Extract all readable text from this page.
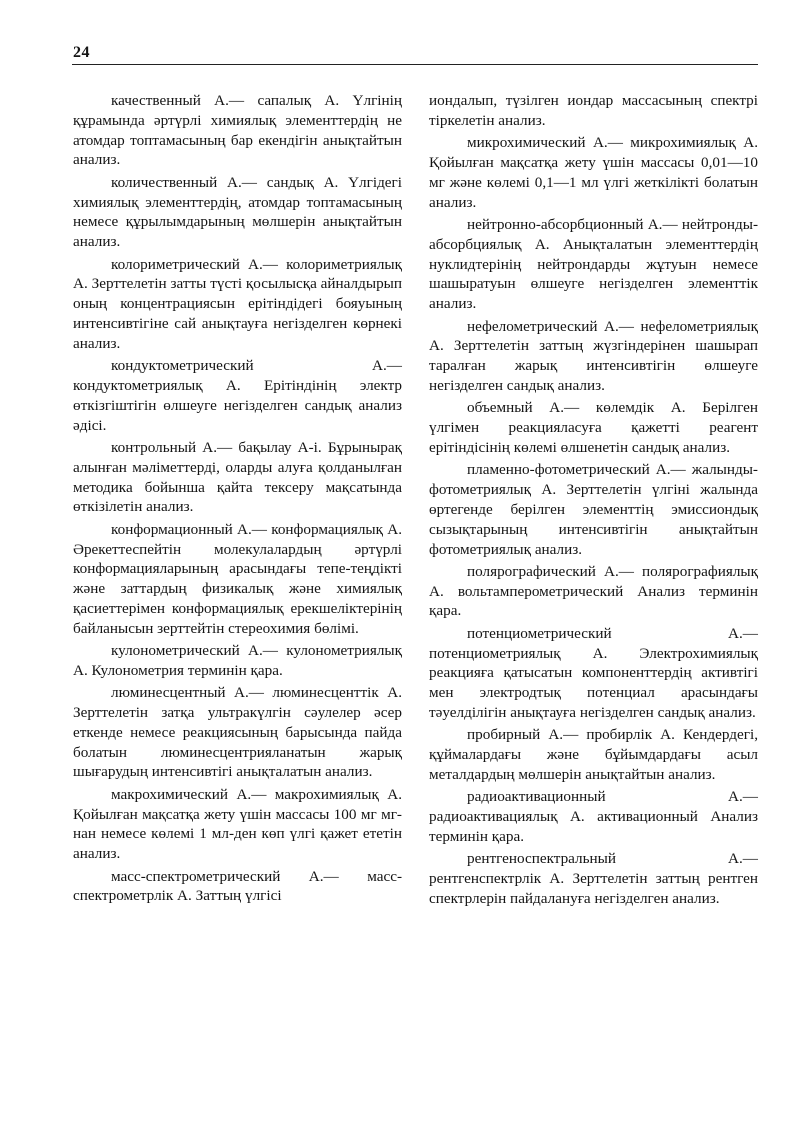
24

качественный А.— сапалық А. Үлгінің құрамында әртүрлі химиялық элементтердің не атомдар топтамасының бар екендігін анықтайтын анализ.

количественный А.— сандық А. Үлгідегі химиялық элементтердің, атомдар топтамасының немесе құрылымдарының мөлшерін анықтайтын анализ.

колориметрический А.— колориметриялық А. Зерттелетін затты түсті қосылысқа айналдырып оның концентрациясын ерітіндідегі бояуының интенсивтігіне сай анықтауға негізделген көрнекі анализ.

кондуктометрический	А.— кондуктометриялық А. Ерітіндінің электр өткізгіштігін өлшеуге негізделген сандық анализ әдісі.

контрольный А.— бақылау А-і. Бұрынырақ алынған мәліметтерді, оларды алуға қолданылған методика бойынша қайта тексеру мақсатында өткізілетін анализ.

конформационный А.— конформациялық А. Әрекеттеспейтін молекулалардың әртүрлі конформацияларының арасындағы тепе-теңдікті және заттардың физикалық және химиялық қасиеттерімен конформациялық ерекшеліктерінің байланысын зерттейтін стереохимия бөлімі.

кулонометрический А.— кулонометриялық А. Кулонометрия терминін қара.

люминесцентный А.— люминесценттік А. Зерттелетін затқа ультракүлгін сәулелер әсер еткенде немесе реакциясының барысында пайда болатын люминесцентрияланатын жарық шығарудың интенсивтігі анықталатын анализ.

макрохимический А.— макрохимиялық А. Қойылған мақсатқа жету үшін массасы 100 мг мг-нан немесе көлемі 1 мл-ден көп үлгі қажет ететін анализ.

масс-спектрометрический А.— масс-спектрометрлік А. Заттың үлгісі

иондалып, түзілген иондар массасының спектрі тіркелетін анализ.

микрохимический А.— микрохимиялық А. Қойылған мақсатқа жету үшін массасы 0,01—10 мг және көлемі 0,1—1 мл үлгі жеткілікті болатын анализ.

нейтронно-абсорбционный А.— нейтронды-абсорбциялық А. Анықталатын элементтердің нуклидтерінің нейтрондарды жұтуын немесе шашыратуын өлшеуге негізделген элементтік анализ.

нефелометрический А.— нефелометриялық А. Зерттелетін заттың жүзгіндерінен шашырап таралған жарық интенсивтігін өлшеуге негізделген сандық анализ.

объемный А.— көлемдік А. Берілген үлгімен реакцияласуға қажетті реагент ерітіндісінің көлемі өлшенетін сандық анализ.

пламенно-фотометрический А.— жалынды-фотометриялық А. Зерттелетін үлгіні жалында өртегенде берілген элементтің эмиссиондық сызықтарының интенсивтігін анықтайтын фотометриялық анализ.

полярографический А.— полярографиялық А. вольтамперометрический Анализ терминін қара.

потенциометрический	А.— потенциометриялық А. Электрохимиялық реакцияға қатысатын компоненттердің активтігі мен электродтық потенциал арасындағы тәуелділігін анықтауға негізделген сандық анализ.

пробирный А.— пробирлік А. Кендердегі, құймалардағы және бұйымдардағы асыл металдардың мөлшерін анықтайтын анализ.

радиоактивационный	А.— радиоактивациялық А. активационный Анализ терминін қара.

рентгеноспектральный	А.— рентгенспектрлік А. Зерттелетін заттың рентген спектрлерін пайдалануға негізделген анализ.
